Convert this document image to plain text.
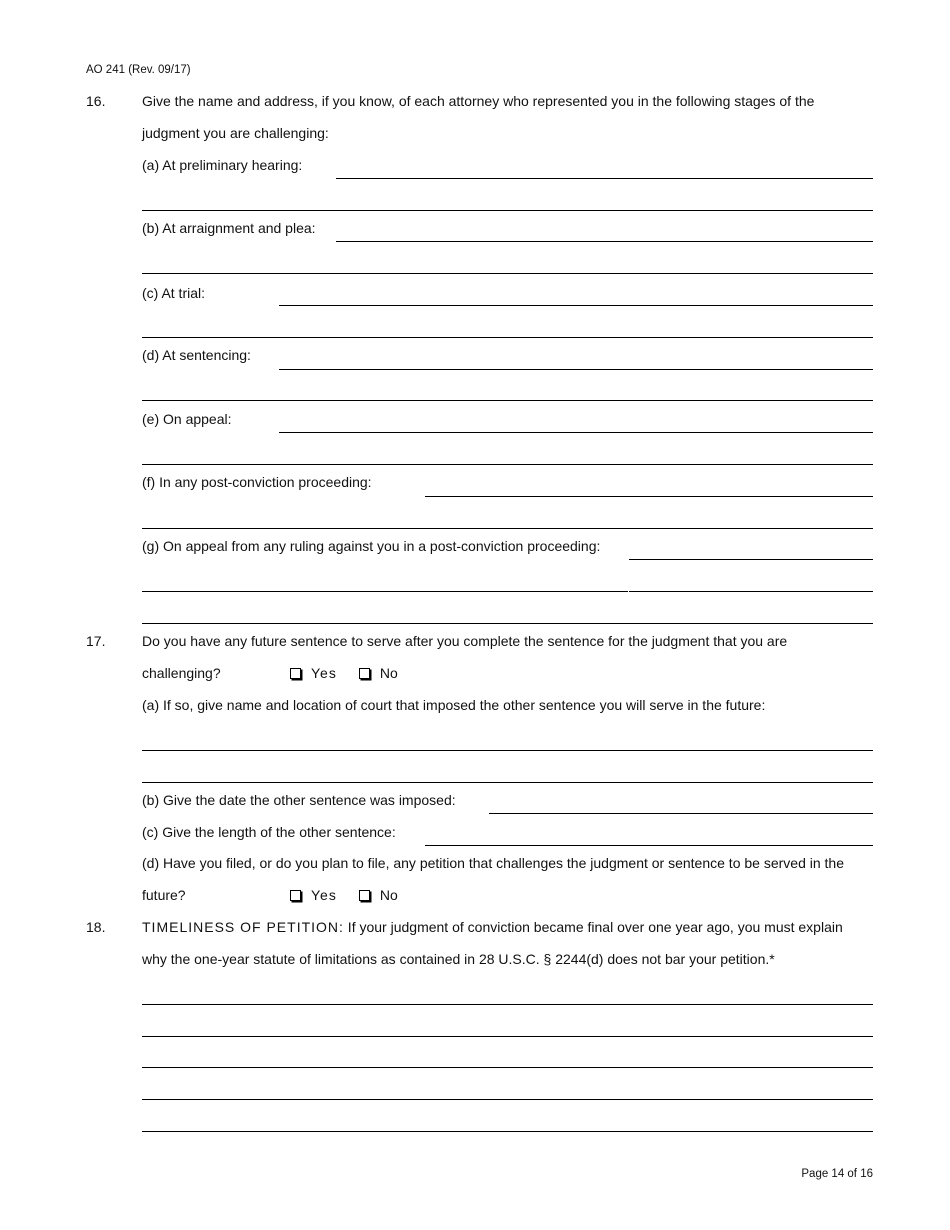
AO 241 (Rev. 09/17)
16.	Give the name and address, if you know, of each attorney who represented you in the following stages of the
judgment you are challenging:
(a) At preliminary hearing:
(b) At arraignment and plea:
(c) At trial:
(d) At sentencing:
(e) On appeal:
(f) In any post-conviction proceeding:
(g) On appeal from any ruling against you in a post-conviction proceeding:
17.	Do you have any future sentence to serve after you complete the sentence for the judgment that you are
challenging?	Yes	No
(a) If so, give name and location of court that imposed the other sentence you will serve in the future:
(b) Give the date the other sentence was imposed:
(c) Give the length of the other sentence:
(d) Have you filed, or do you plan to file, any petition that challenges the judgment or sentence to be served in the
future?	Yes	No
18.	TIMELINESS OF PETITION: If your judgment of conviction became final over one year ago, you must explain
why the one-year statute of limitations as contained in 28 U.S.C. § 2244(d) does not bar your petition.*
Page 14 of 16
